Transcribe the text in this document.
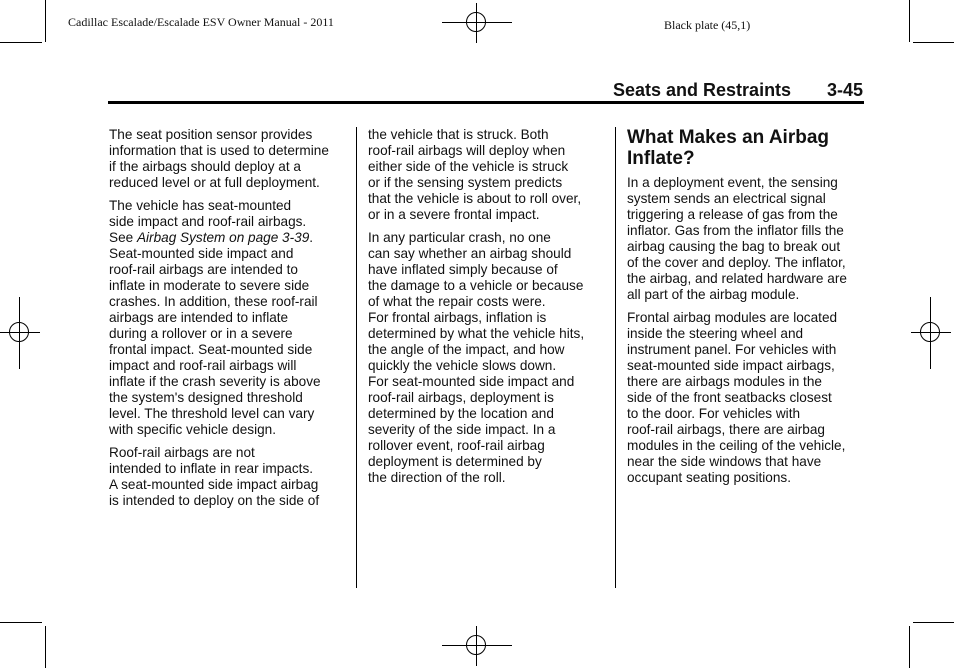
Cadillac Escalade/Escalade ESV Owner Manual - 2011	Black plate (45,1)
Seats and Restraints 3-45

The seat position sensor provides
information that is used to determine
if the airbags should deploy at a
reduced level or at full deployment.

The vehicle has seat-mounted
side impact and roof-rail airbags.
See Airbag System on page 3-39.
Seat-mounted side impact and
roof-rail airbags are intended to
inflate in moderate to severe side
crashes. In addition, these roof-rail
airbags are intended to inflate
during a rollover or in a severe
frontal impact. Seat-mounted side
impact and roof-rail airbags will
inflate if the crash severity is above
the system's designed threshold
level. The threshold level can vary
with specific vehicle design.

Roof-rail airbags are not
intended to inflate in rear impacts.
A seat-mounted side impact airbag
is intended to deploy on the side of

the vehicle that is struck. Both
roof-rail airbags will deploy when
either side of the vehicle is struck
or if the sensing system predicts
that the vehicle is about to roll over,
or in a severe frontal impact.

In any particular crash, no one
can say whether an airbag should
have inflated simply because of
the damage to a vehicle or because
of what the repair costs were.
For frontal airbags, inflation is
determined by what the vehicle hits,
the angle of the impact, and how
quickly the vehicle slows down.
For seat-mounted side impact and
roof-rail airbags, deployment is
determined by the location and
severity of the side impact. In a
rollover event, roof-rail airbag
deployment is determined by
the direction of the roll.

What Makes an Airbag
Inflate?

In a deployment event, the sensing
system sends an electrical signal
triggering a release of gas from the
inflator. Gas from the inflator fills the
airbag causing the bag to break out
of the cover and deploy. The inflator,
the airbag, and related hardware are
all part of the airbag module.

Frontal airbag modules are located
inside the steering wheel and
instrument panel. For vehicles with
seat-mounted side impact airbags,
there are airbags modules in the
side of the front seatbacks closest
to the door. For vehicles with
roof-rail airbags, there are airbag
modules in the ceiling of the vehicle,
near the side windows that have
occupant seating positions.
